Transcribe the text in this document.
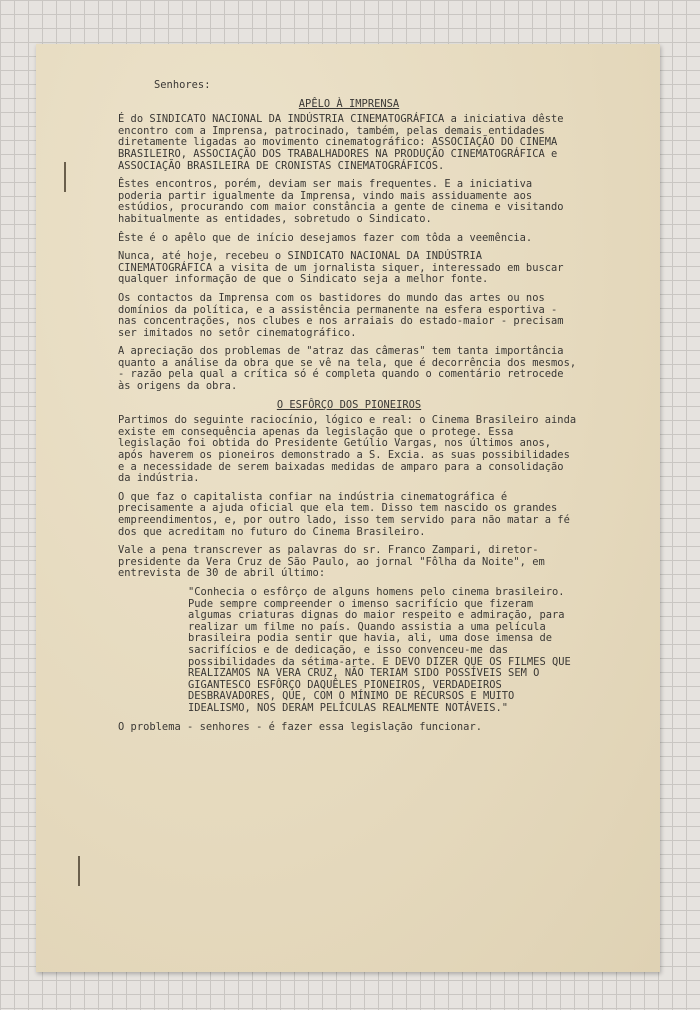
Senhores:
APÊLO À IMPRENSA
É do SINDICATO NACIONAL DA INDÚSTRIA CINEMATOGRÁFICA a iniciativa dêste encontro com a Imprensa, patrocinado, também, pelas demais entidades diretamente ligadas ao movimento cinematográfico: ASSOCIAÇÃO DO CINEMA BRASILEIRO, ASSOCIAÇÃO DOS TRABALHADORES NA PRODUÇÃO CINEMATOGRÁFICA e ASSOCIAÇÃO BRASILEIRA DE CRONISTAS CINEMATOGRÁFICOS.
Êstes encontros, porém, deviam ser mais frequentes. E a iniciativa poderia partir igualmente da Imprensa, vindo mais assiduamente aos estúdios, procurando com maior constância a gente de cinema e visitando habitualmente as entidades, sobretudo o Sindicato.
Êste é o apêlo que de início desejamos fazer com tôda a veemência.
Nunca, até hoje, recebeu o SINDICATO NACIONAL DA INDÚSTRIA CINEMATOGRÁFICA a visita de um jornalista siquer, interessado em buscar qualquer informação de que o Sindicato seja a melhor fonte.
Os contactos da Imprensa com os bastidores do mundo das artes ou nos domínios da política, e a assistência permanente na esfera esportiva - nas concentrações, nos clubes e nos arraiais do estado-maior - precisam ser imitados no setôr cinematográfico.
A apreciação dos problemas de "atraz das câmeras" tem tanta importância quanto a análise da obra que se vê na tela, que é decorrência dos mesmos, - razão pela qual a crítica só é completa quando o comentário retrocede às origens da obra.
O ESFÔRÇO DOS PIONEIROS
Partimos do seguinte raciocínio, lógico e real: o Cinema Brasileiro ainda existe em consequência apenas da legislação que o protege. Essa legislação foi obtida do Presidente Getúlio Vargas, nos últimos anos, após haverem os pioneiros demonstrado a S. Excia. as suas possibilidades e a necessidade de serem baixadas medidas de amparo para a consolidação da indústria.
O que faz o capitalista confiar na indústria cinematográfica é precisamente a ajuda oficial que ela tem. Disso tem nascido os grandes empreendimentos, e, por outro lado, isso tem servido para não matar a fé dos que acreditam no futuro do Cinema Brasileiro.
Vale a pena transcrever as palavras do sr. Franco Zampari, diretor-presidente da Vera Cruz de São Paulo, ao jornal "Fôlha da Noite", em entrevista de 30 de abril último:
"Conhecia o esfôrço de alguns homens pelo cinema brasileiro. Pude sempre compreender o imenso sacrifício que fizeram algumas criaturas dignas do maior respeito e admiração, para realizar um filme no país. Quando assistia a uma película brasileira podia sentir que havia, ali, uma dose imensa de sacrifícios e de dedicação, e isso convenceu-me das possibilidades da sétima-arte. E DEVO DIZER QUE OS FILMES QUE REALIZAMOS NA VERA CRUZ, NÃO TERIAM SIDO POSSÍVEIS SEM O GIGANTESCO ESFÔRÇO DAQUÊLES PIONEIROS, VERDADEIROS DESBRAVADORES, QUE, COM O MÍNIMO DE RECURSOS E MUITO IDEALISMO, NOS DERAM PELÍCULAS REALMENTE NOTÁVEIS."
O problema - senhores - é fazer essa legislação funcionar.
